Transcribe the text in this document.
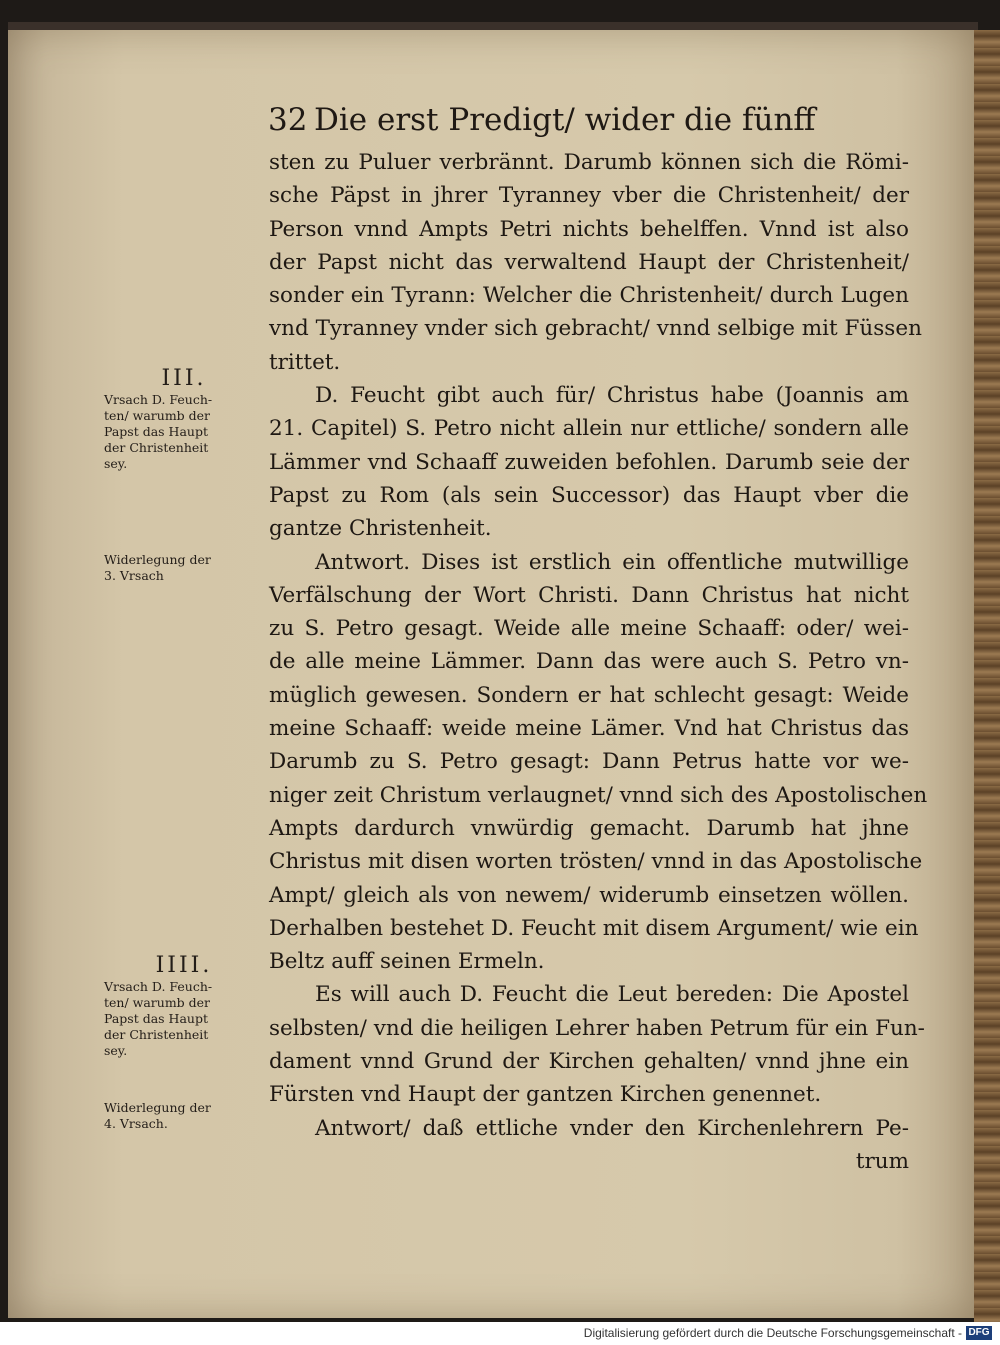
32 Die erst Predigt/ wider die fünff
sten zu Puluer verbrännt. Darumb können sich die Römi-
sche Päpst in jhrer Tyranney vber die Christenheit/ der
Person vnnd Ampts Petri nichts behelffen. Vnnd ist also
der Papst nicht das verwaltend Haupt der Christenheit/
sonder ein Tyrann: Welcher die Christenheit/ durch Lugen
vnd Tyranney vnder sich gebracht/ vnnd selbige mit Füssen
trittet.
D. Feucht gibt auch für/ Christus habe (Joannis am
21. Capitel) S. Petro nicht allein nur ettliche/ sondern alle
Lämmer vnd Schaaff zuweiden befohlen. Darumb seie der
Papst zu Rom (als sein Successor) das Haupt vber die
gantze Christenheit.
Antwort. Dises ist erstlich ein offentliche mutwillige
Verfälschung der Wort Christi. Dann Christus hat nicht
zu S. Petro gesagt. Weide alle meine Schaaff: oder/ wei-
de alle meine Lämmer. Dann das were auch S. Petro vn-
müglich gewesen. Sondern er hat schlecht gesagt: Weide
meine Schaaff: weide meine Lämer. Vnd hat Christus das
Darumb zu S. Petro gesagt: Dann Petrus hatte vor we-
niger zeit Christum verlaugnet/ vnnd sich des Apostolischen
Ampts dardurch vnwürdig gemacht. Darumb hat jhne
Christus mit disen worten trösten/ vnnd in das Apostolische
Ampt/ gleich als von newem/ widerumb einsetzen wöllen.
Derhalben bestehet D. Feucht mit disem Argument/ wie ein
Beltz auff seinen Ermeln.
Es will auch D. Feucht die Leut bereden: Die Apostel
selbsten/ vnd die heiligen Lehrer haben Petrum für ein Fun-
dament vnnd Grund der Kirchen gehalten/ vnnd jhne ein
Fürsten vnd Haupt der gantzen Kirchen genennet.
Antwort/ daß ettliche vnder den Kirchenlehrern Pe-
trum
III.
Vrsach D. Feuch-
ten/ warumb der
Papst das Haupt
der Christenheit
sey.
Widerlegung der
3. Vrsach
IIII.
Vrsach D. Feuch-
ten/ warumb der
Papst das Haupt
der Christenheit
sey.
Widerlegung der
4. Vrsach.
Digitalisierung gefördert durch die Deutsche Forschungsgemeinschaft - DFG
